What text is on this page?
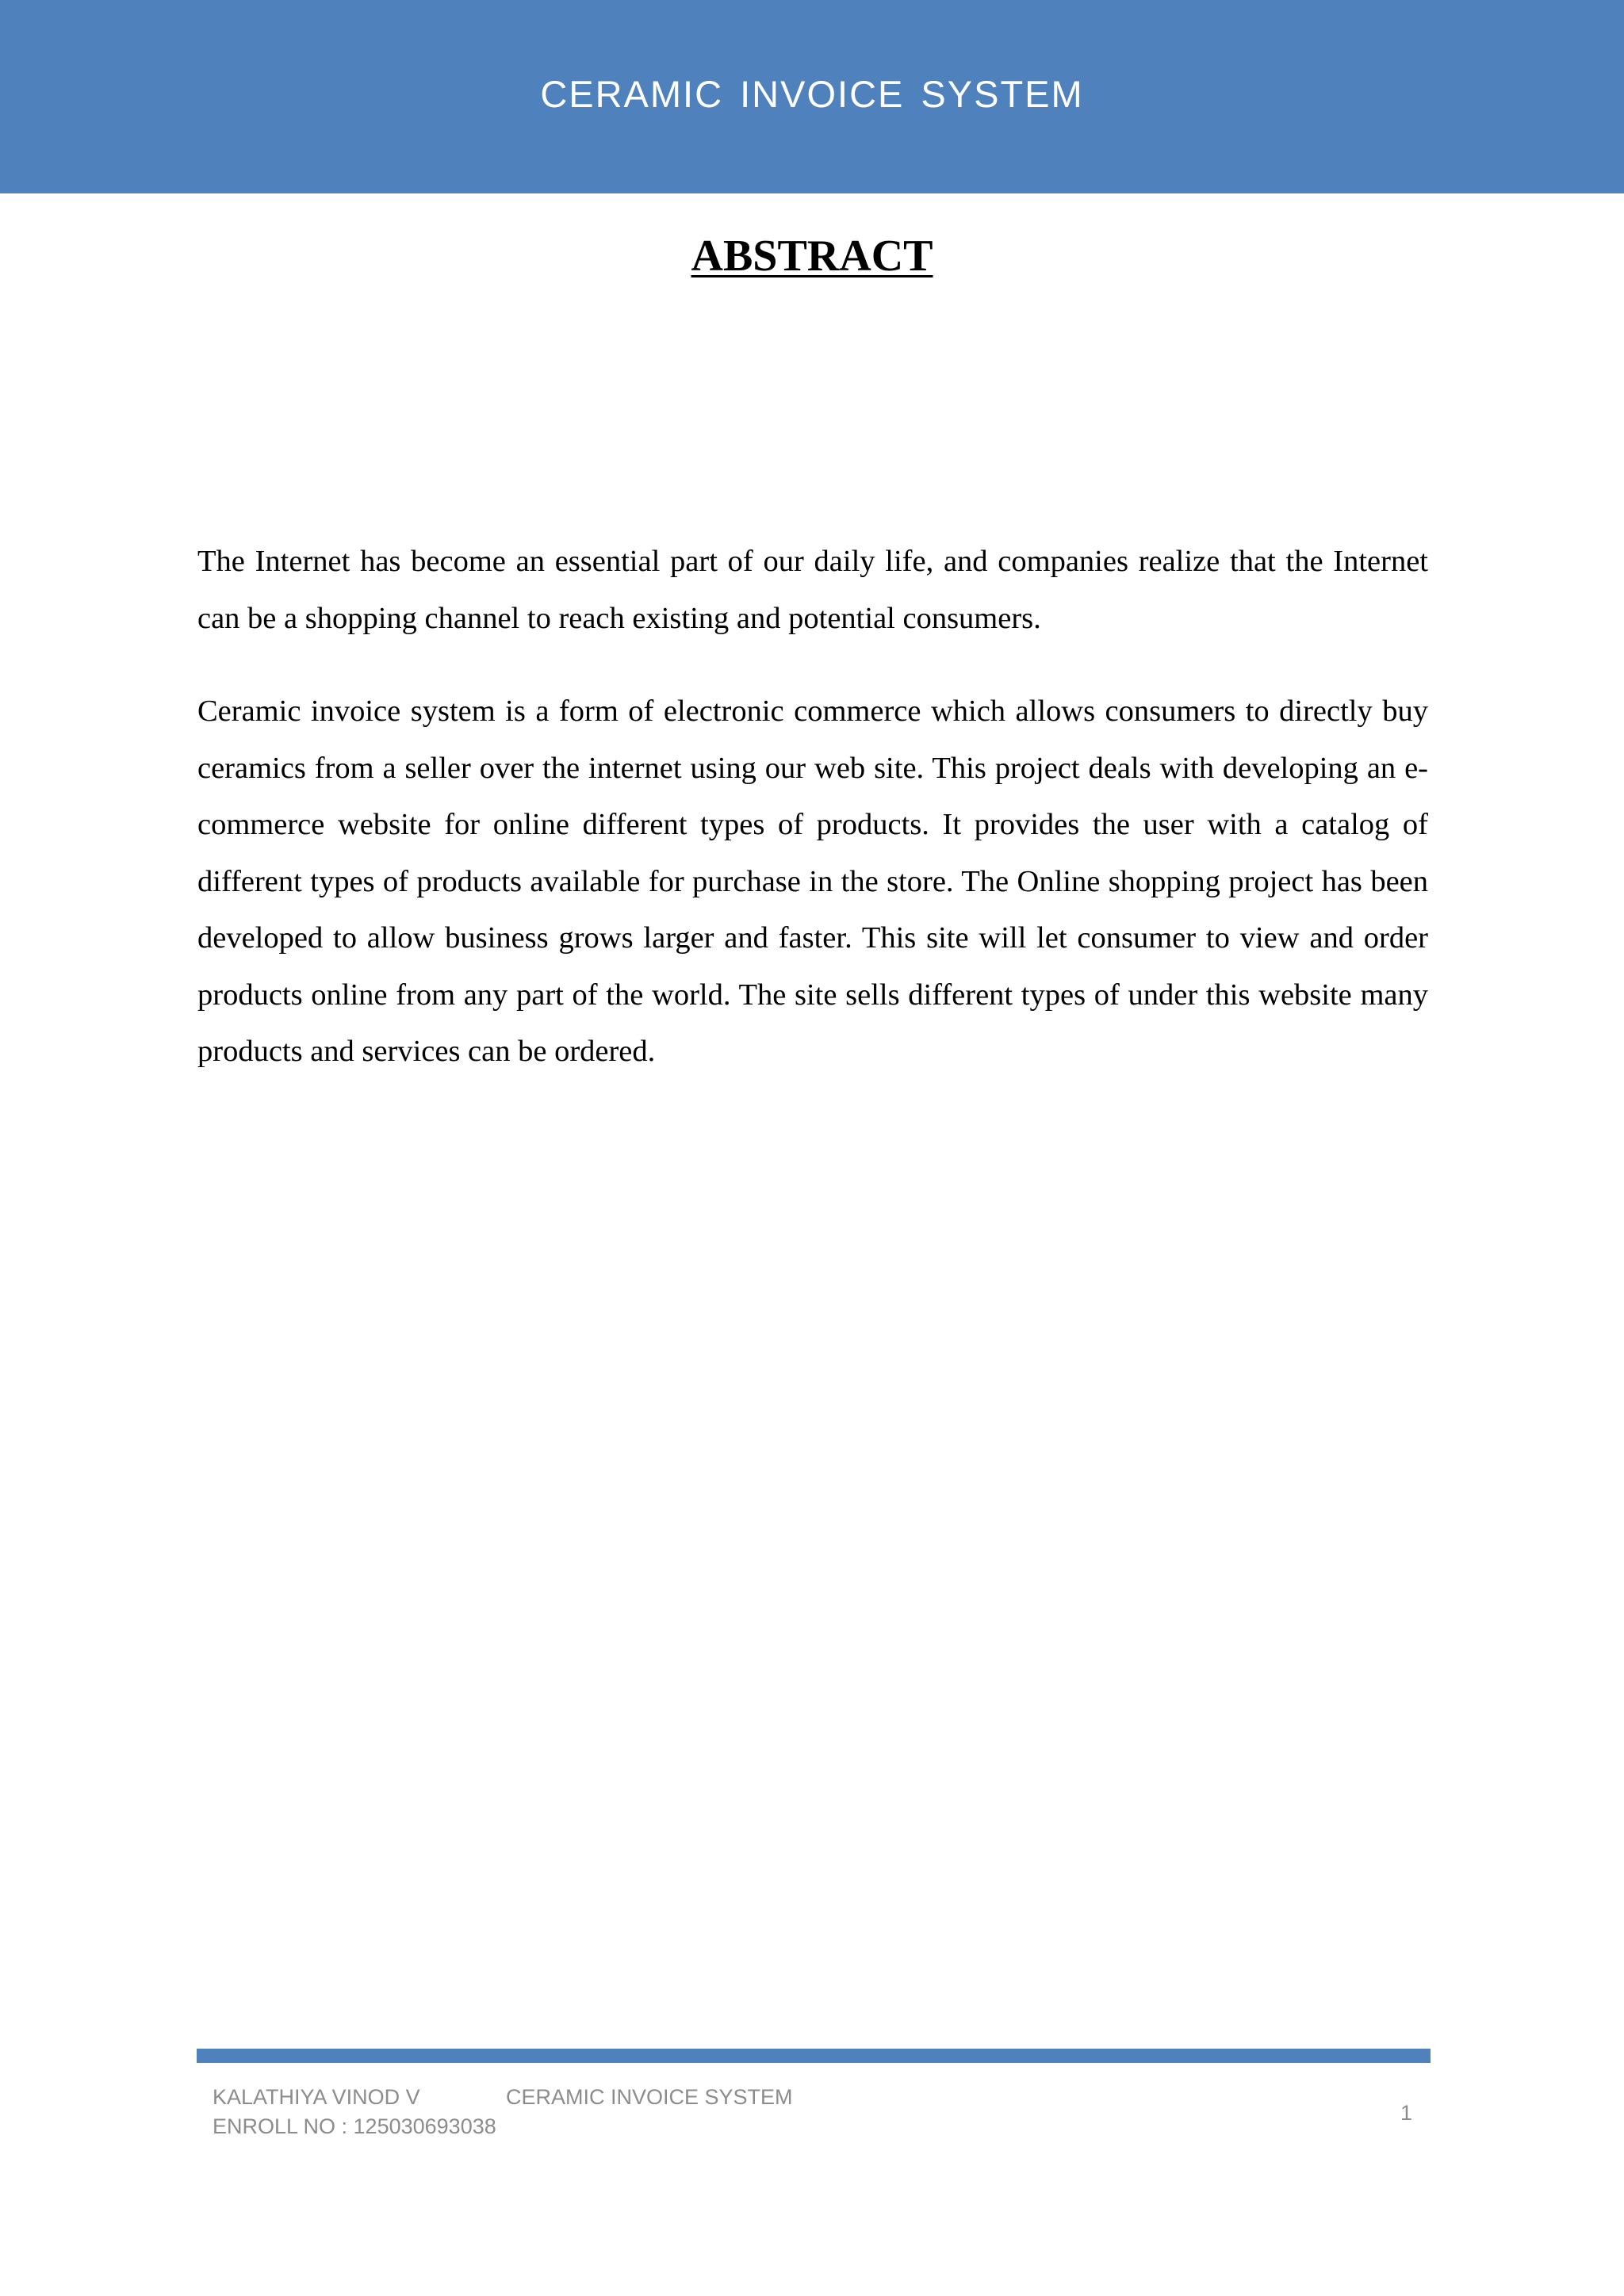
CERAMIC INVOICE SYSTEM
ABSTRACT

The Internet has become an essential part of our daily life, and companies realize that the Internet can be a shopping channel to reach existing and potential consumers.

Ceramic invoice system is a form of electronic commerce which allows consumers to directly buy ceramics from a seller over the internet using our web site. This project deals with developing an e-commerce website for online different types of products. It provides the user with a catalog of different types of products available for purchase in the store. The Online shopping project has been developed to allow business grows larger and faster. This site will let consumer to view and order products online from any part of the world. The site sells different types of under this website many products and services can be ordered.

KALATHIYA VINOD V	CERAMIC INVOICE SYSTEM
ENROLL NO : 125030693038
1
